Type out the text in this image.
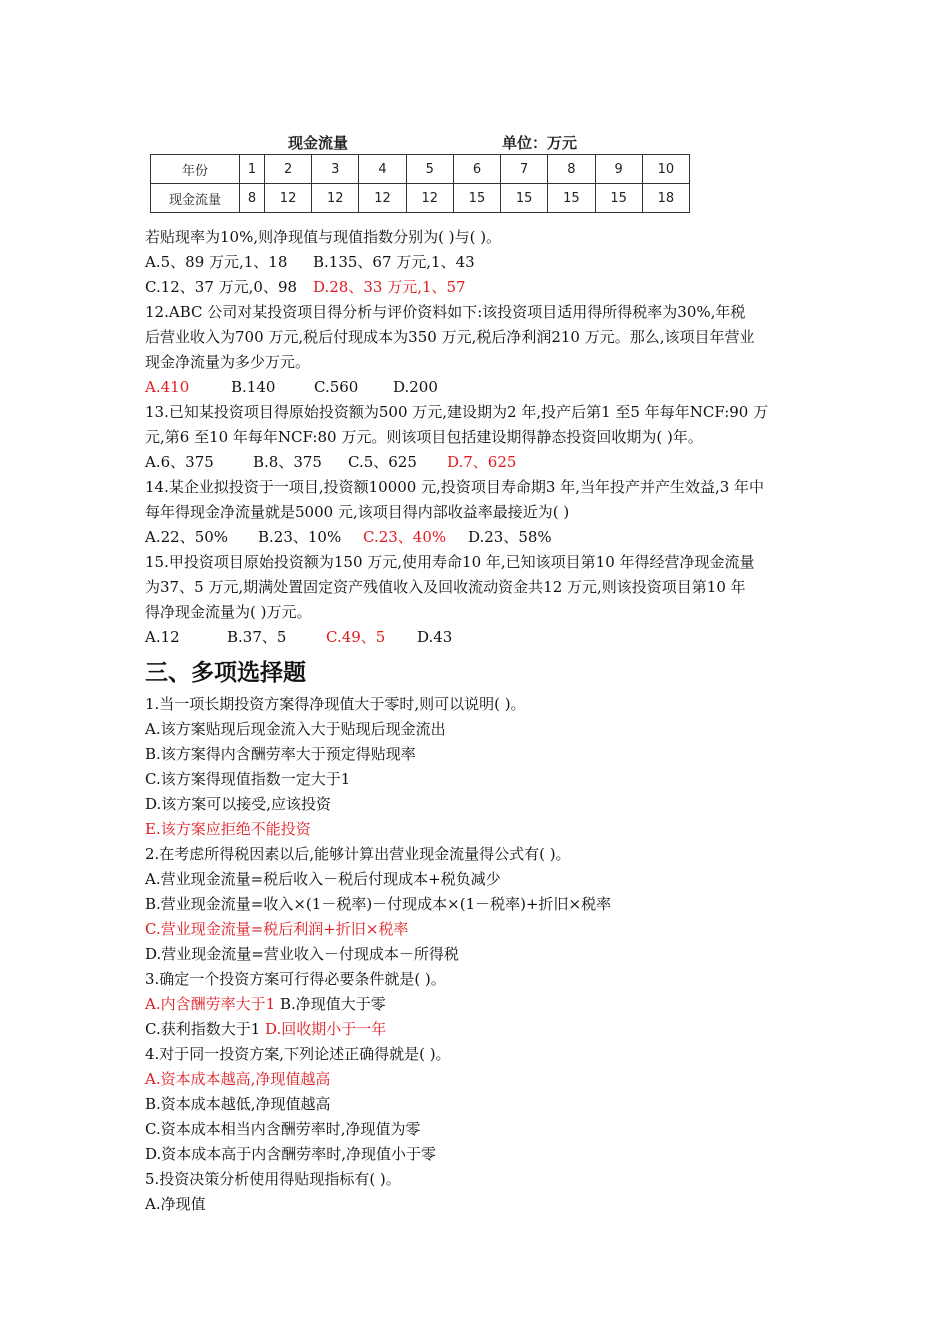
现金流量	单位：万元
年份	1	2	3	4	5	6	7	8	9	10
现金流量	8	12	12	12	12	15	15	15	15	18
若贴现率为10%,则净现值与现值指数分别为( )与( )。
A.5、89 万元,1、18 B.135、67 万元,1、43
C.12、37 万元,0、98 D.28、33 万元,1、57
12.ABC 公司对某投资项目得分析与评价资料如下:该投资项目适用得所得税率为30%,年税
后营业收入为700 万元,税后付现成本为350 万元,税后净利润210 万元。那么,该项目年营业
现金净流量为多少万元。
A.410	B.140	C.560 D.200
13.已知某投资项目得原始投资额为500 万元,建设期为2 年,投产后第1 至5 年每年NCF:90 万
元,第6 至10 年每年NCF:80 万元。则该项目包括建设期得静态投资回收期为( )年。
A.6、375	B.8、375 C.5、625 D.7、625
14.某企业拟投资于一项目,投资额10000 元,投资项目寿命期3 年,当年投产并产生效益,3 年中
每年得现金净流量就是5000 元,该项目得内部收益率最接近为( )
A.22、50% B.23、10% C.23、40% D.23、58%
15.甲投资项目原始投资额为150 万元,使用寿命10 年,已知该项目第10 年得经营净现金流量
为37、5 万元,期满处置固定资产残值收入及回收流动资金共12 万元,则该投资项目第10 年
得净现金流量为( )万元。
A.12	B.37、5	C.49、5 D.43
三、多项选择题
1.当一项长期投资方案得净现值大于零时,则可以说明( )。
A.该方案贴现后现金流入大于贴现后现金流出
B.该方案得内含酬劳率大于预定得贴现率
C.该方案得现值指数一定大于1
D.该方案可以接受,应该投资
E.该方案应拒绝不能投资
2.在考虑所得税因素以后,能够计算出营业现金流量得公式有( )。
A.营业现金流量=税后收入－税后付现成本+税负减少
B.营业现金流量=收入×(1－税率)－付现成本×(1－税率)+折旧×税率
C.营业现金流量=税后利润+折旧×税率
D.营业现金流量=营业收入－付现成本－所得税
3.确定一个投资方案可行得必要条件就是( )。
A.内含酬劳率大于1 B.净现值大于零
C.获利指数大于1 D.回收期小于一年
4.对于同一投资方案,下列论述正确得就是( )。
A.资本成本越高,净现值越高
B.资本成本越低,净现值越高
C.资本成本相当内含酬劳率时,净现值为零
D.资本成本高于内含酬劳率时,净现值小于零
5.投资决策分析使用得贴现指标有( )。
A.净现值
